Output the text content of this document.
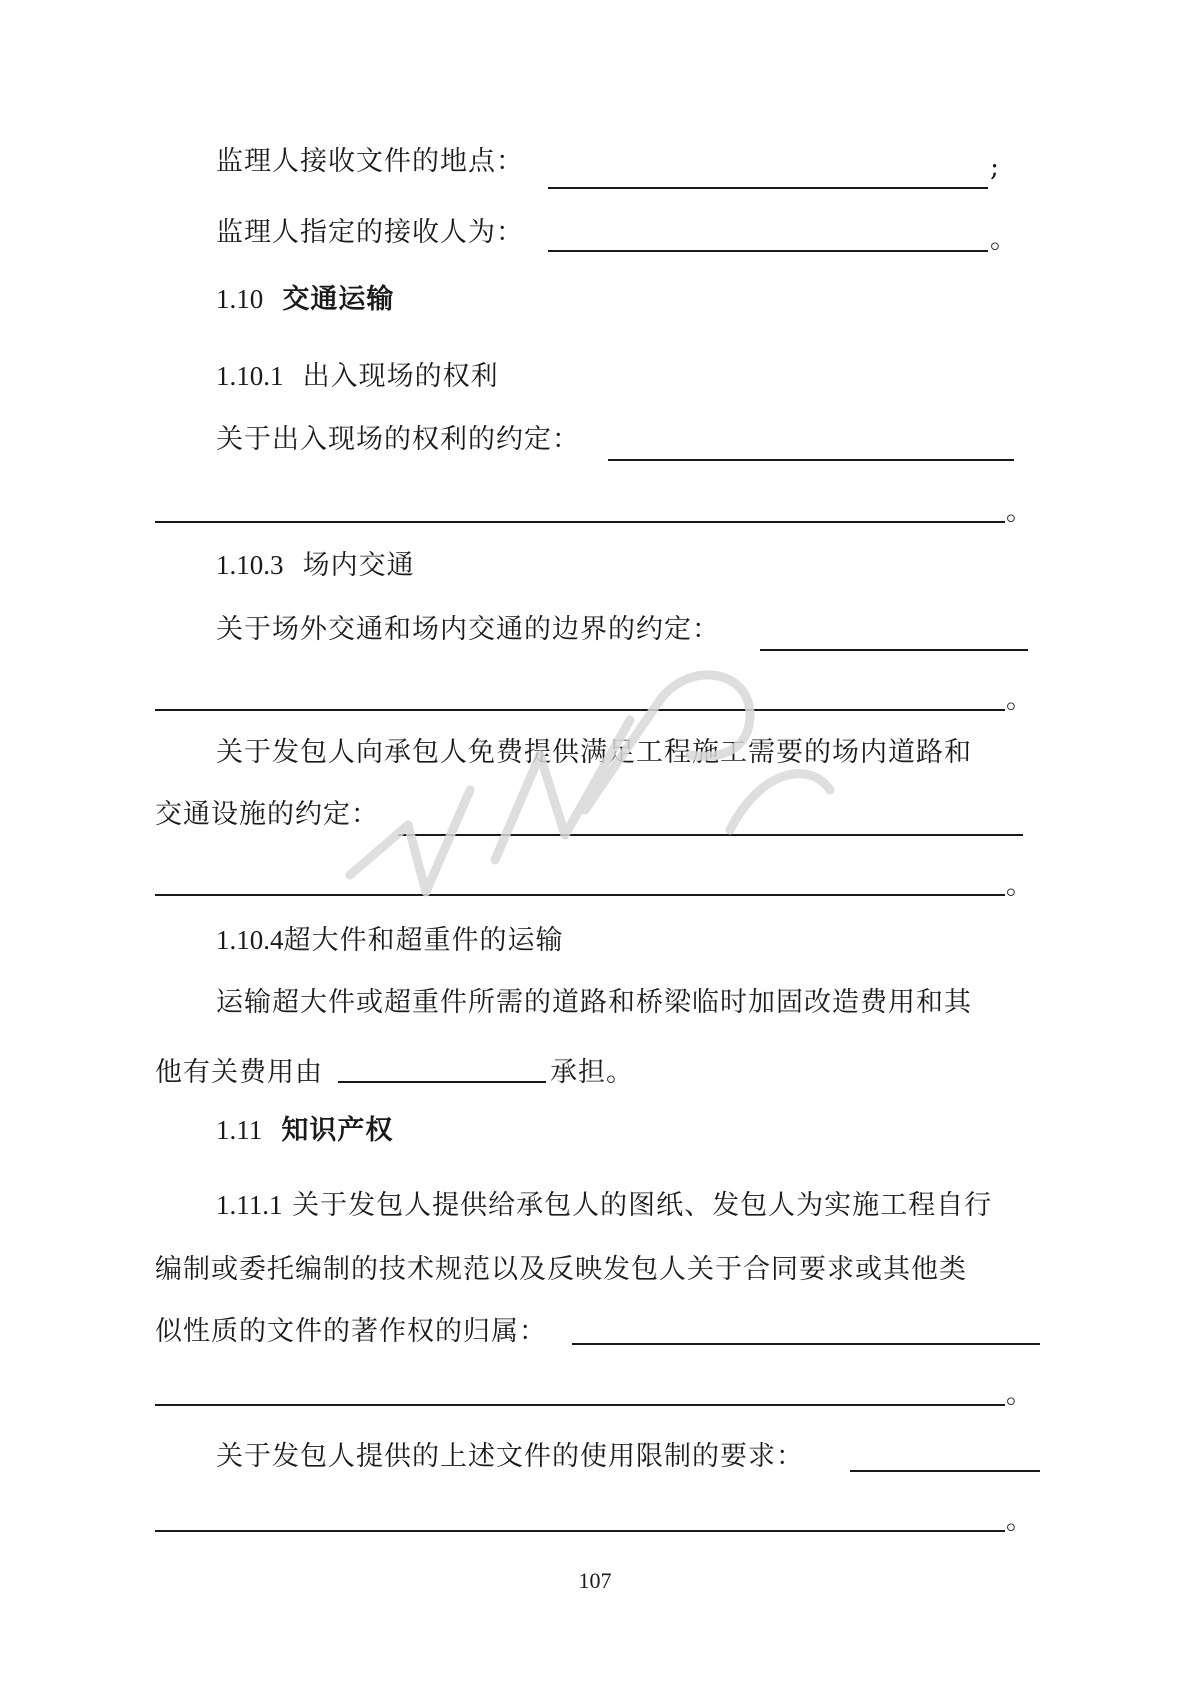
监理人接收文件的地点：	;
监理人指定的接收人为：	。
1.10 交通运输
1.10.1 出入现场的权利
关于出入现场的权利的约定：
。
1.10.3 场内交通
关于场外交通和场内交通的边界的约定：
。
关于发包人向承包人免费提供满足工程施工需要的场内道路和
交通设施的约定：
。
1.10.4超大件和超重件的运输
运输超大件或超重件所需的道路和桥梁临时加固改造费用和其
他有关费用由	承担。
1.11 知识产权
1.11.1 关于发包人提供给承包人的图纸、发包人为实施工程自行
编制或委托编制的技术规范以及反映发包人关于合同要求或其他类
似性质的文件的著作权的归属：
。
关于发包人提供的上述文件的使用限制的要求：
。
107
